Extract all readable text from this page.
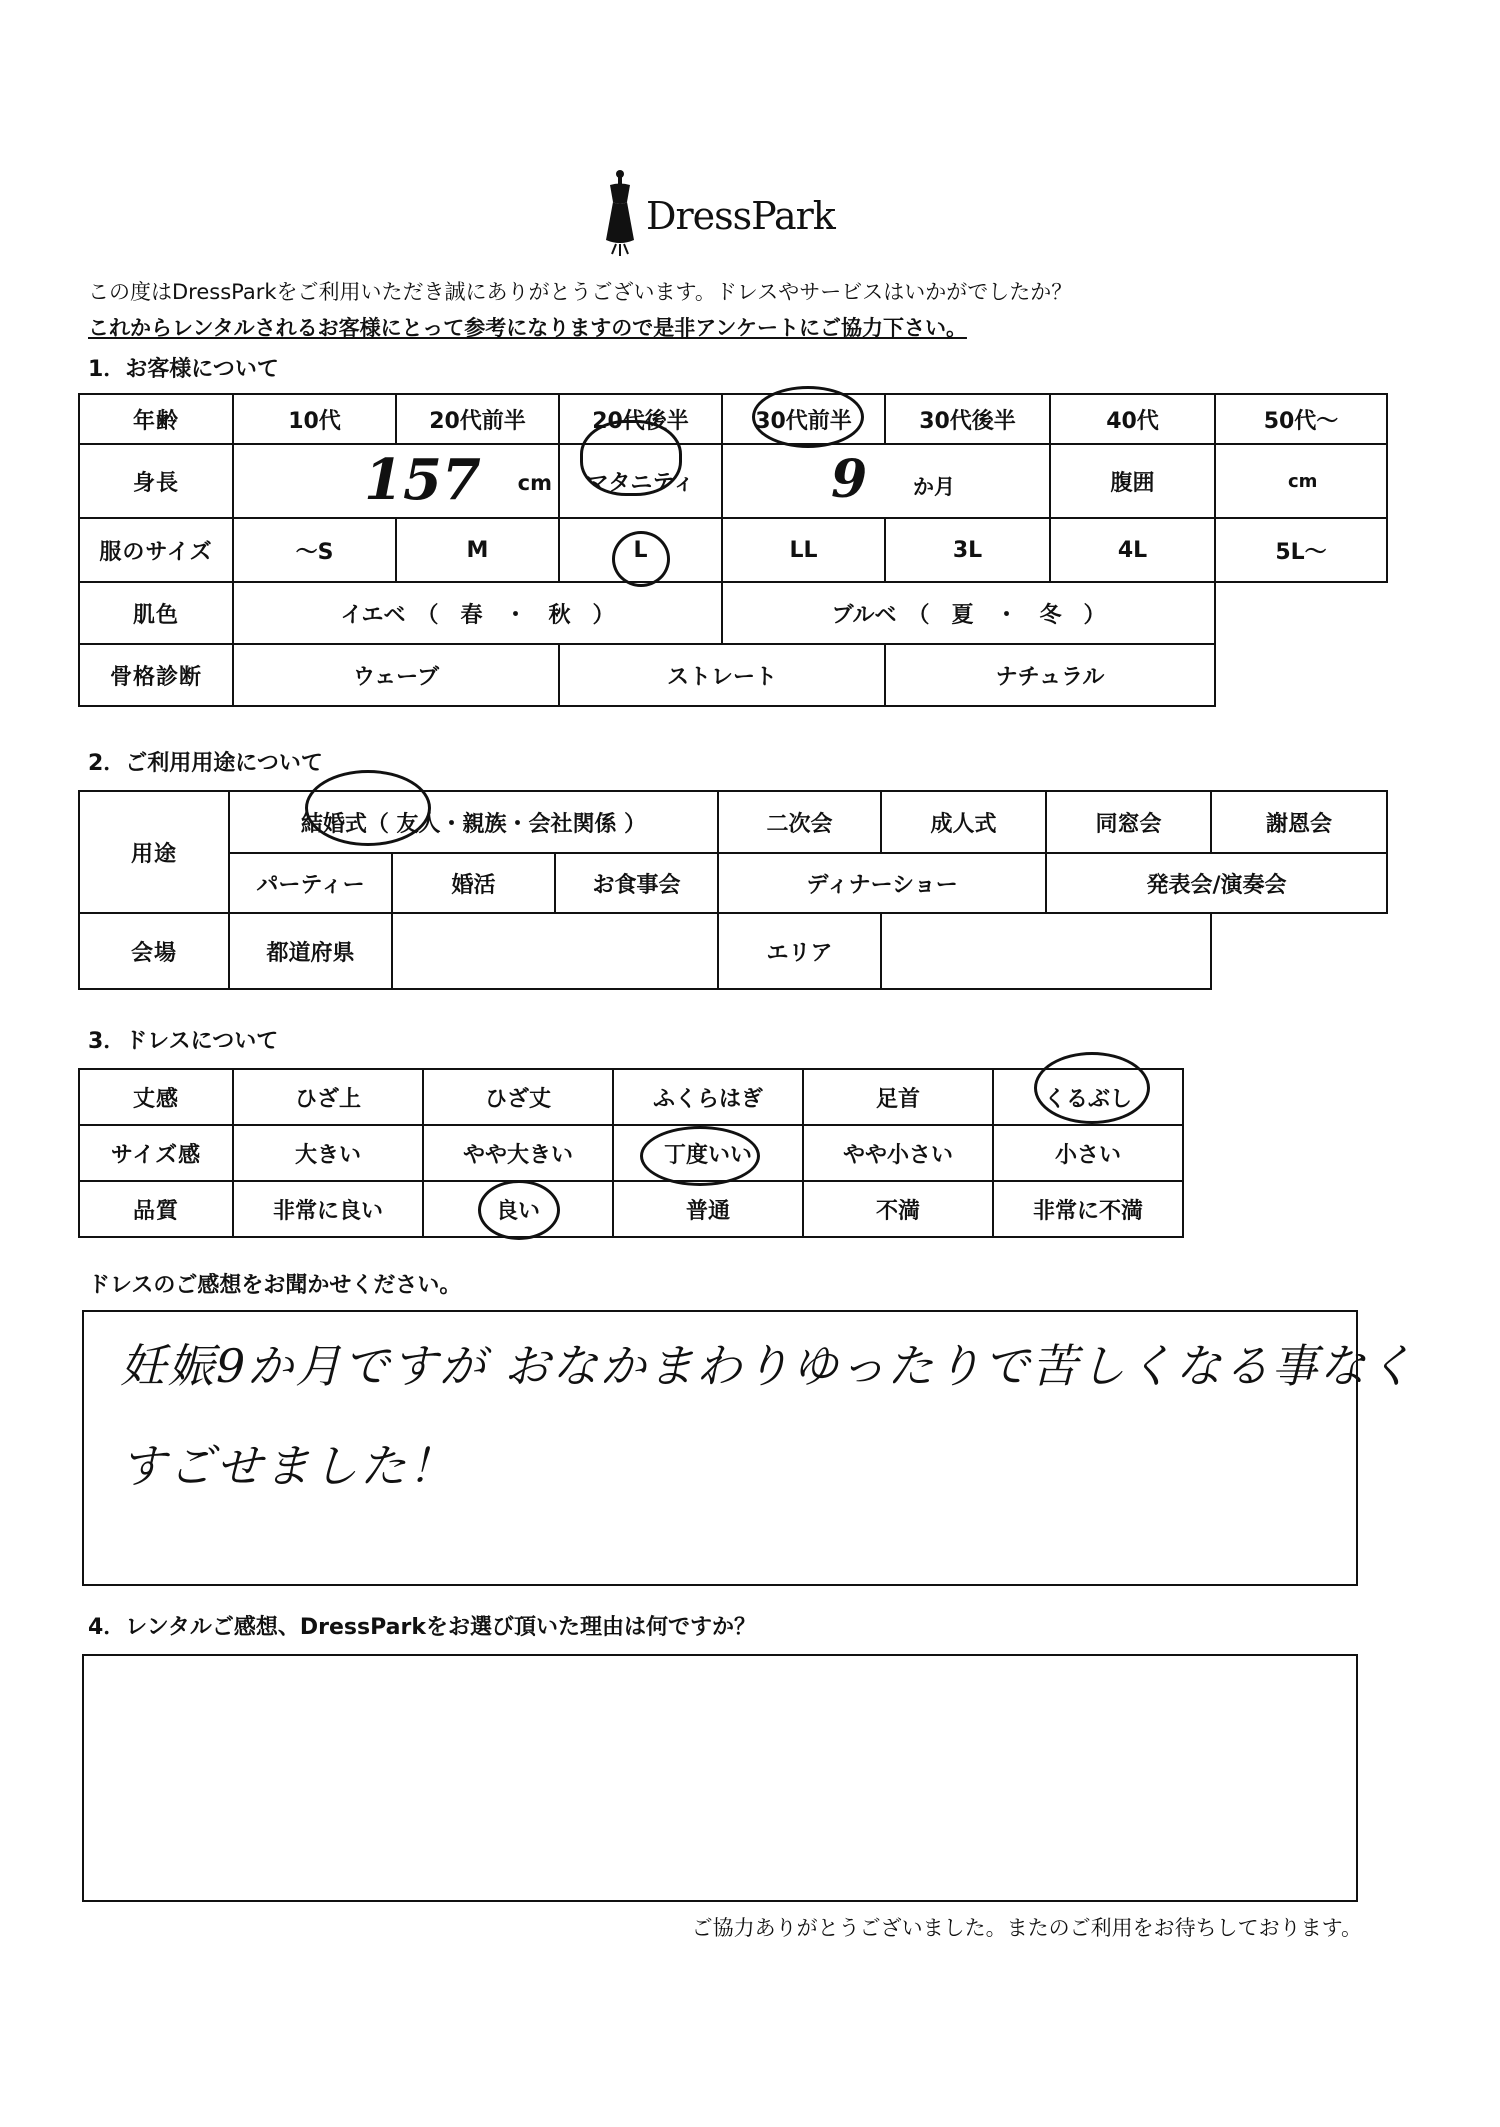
DressPark
この度はDressParkをご利用いただき誠にありがとうございます。ドレスやサービスはいかがでしたか？
これからレンタルされるお客様にとって参考になりますので是非アンケートにご協力下さい。
1．お客様について
年齢	10代	20代前半	20代後半	30代前半	30代後半	40代	50代～
身長	157 cm		マタニティ	9 か月		腹囲	cm

服のサイズ	～S	M	L	LL	3L	4L	5L～
肌色	イエベ　（　春　・　秋　）			ブルベ　（　夏　・　冬　）			
骨格診断	ウェーブ		ストレート		ナチュラル		
2．ご利用用途について
用途	結婚式（ 友人・親族・会社関係 ）			二次会	成人式	同窓会	謝恩会
	パーティー	婚活	お食事会	ディナーショー		発表会/演奏会	
会場	都道府県			エリア			
3．ドレスについて
丈感	ひざ上	ひざ丈	ふくらはぎ	足首	くるぶし
サイズ感	大きい	やや大きい	丁度いい	やや小さい	小さい
品質	非常に良い	良い	普通	不満	非常に不満
ドレスのご感想をお聞かせください。
妊娠9か月ですが おなかまわりゆったりで苦しくなる事なく
すごせました！
4．レンタルご感想、DressParkをお選び頂いた理由は何ですか？
ご協力ありがとうございました。またのご利用をお待ちしております。
